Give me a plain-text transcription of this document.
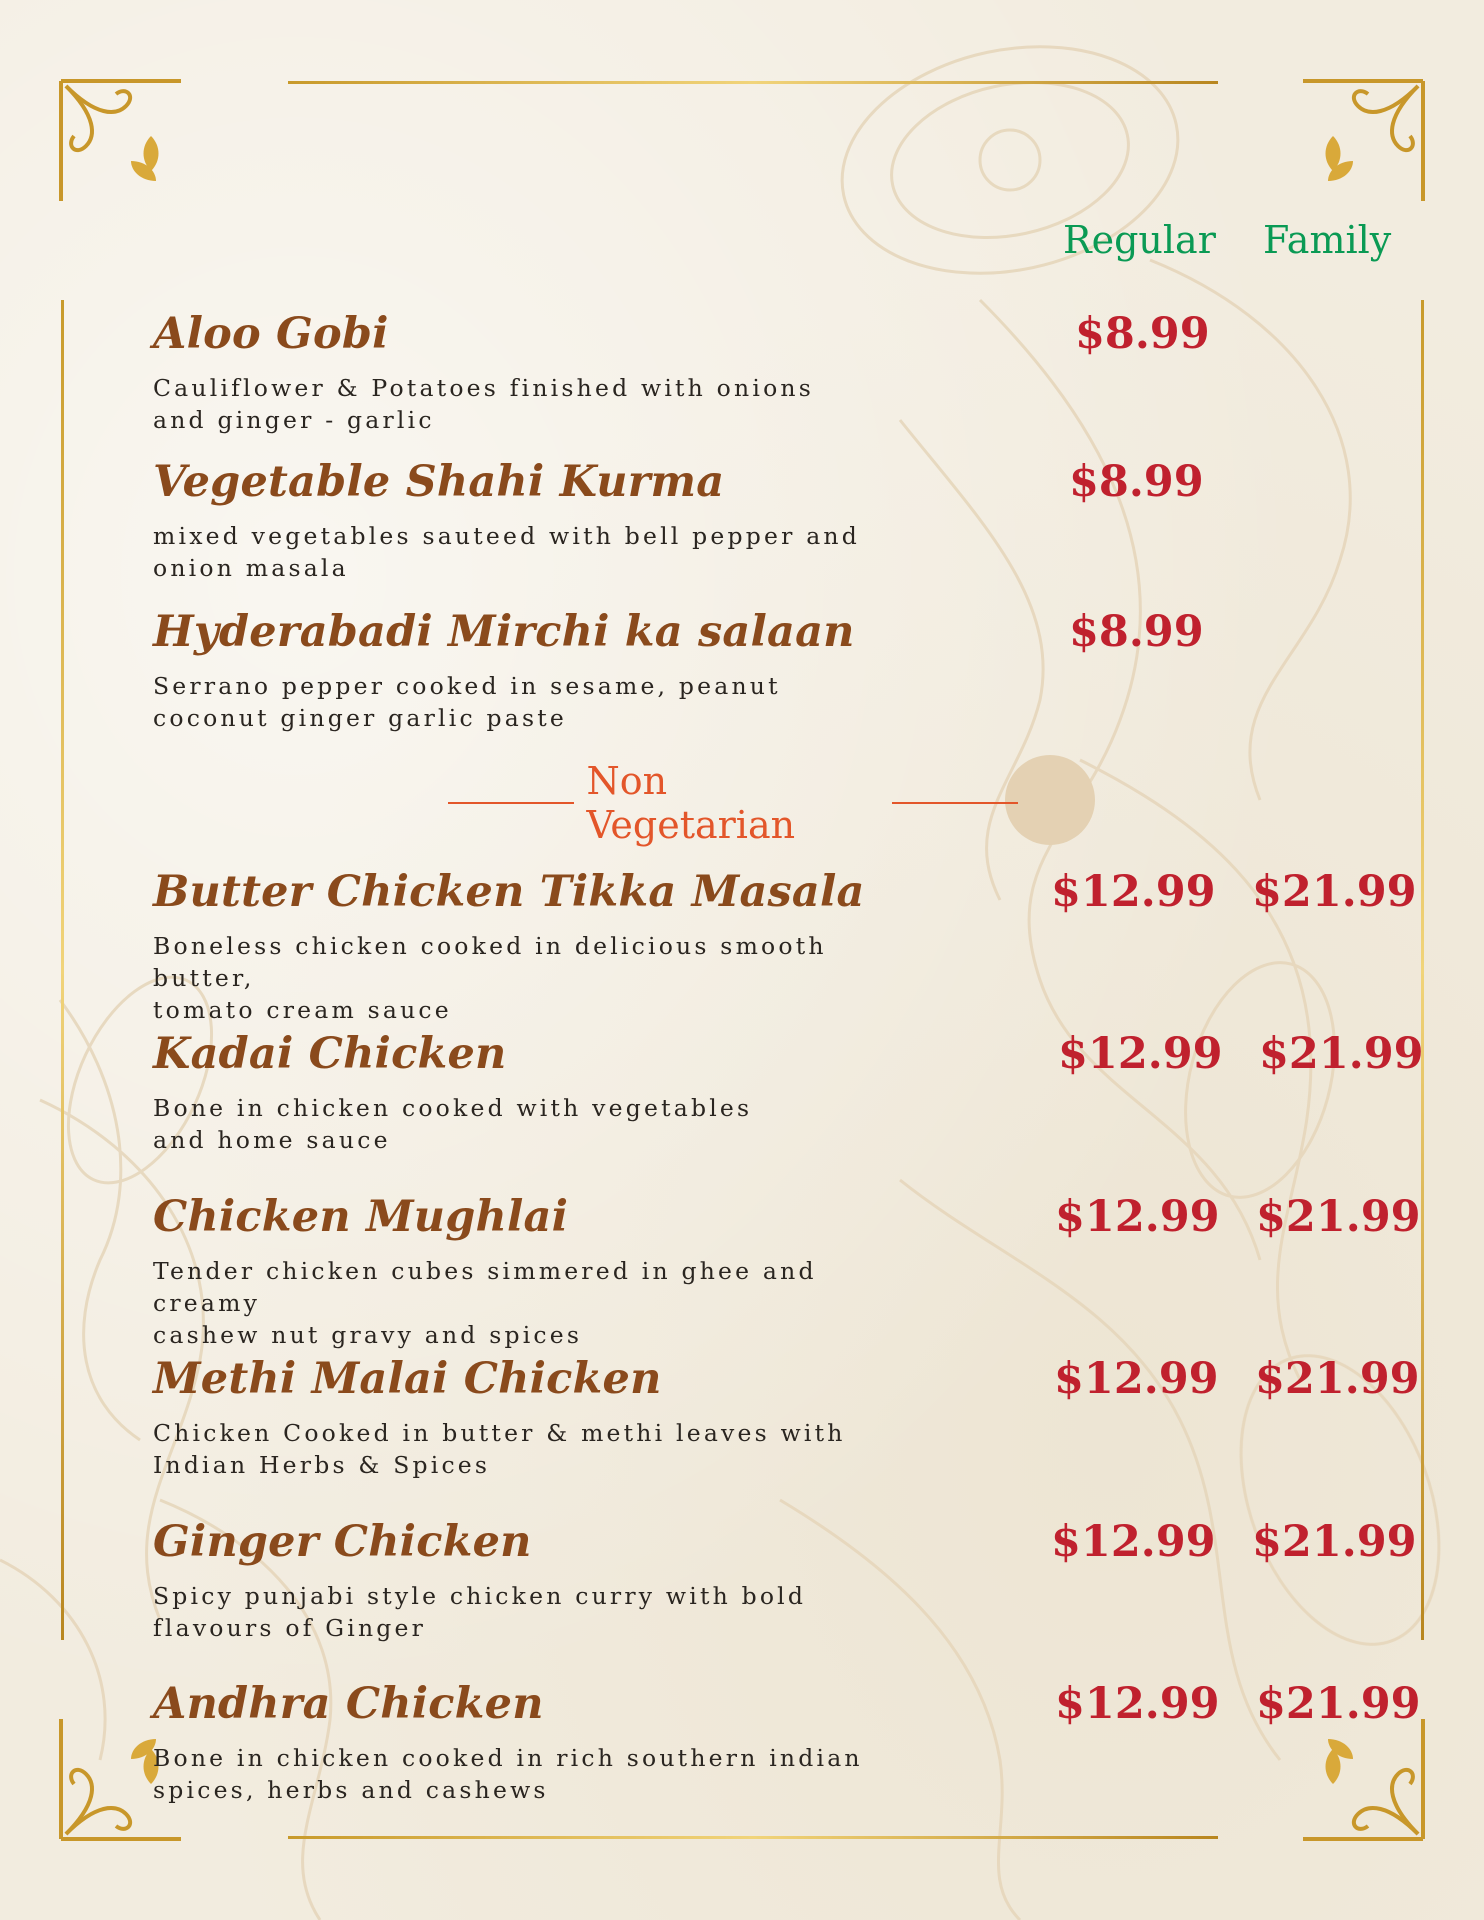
Regular Family
Aloo Gobi
Cauliflower & Potatoes finished with onions
and ginger - garlic
$8.99
Vegetable Shahi Kurma
mixed vegetables sauteed with bell pepper and
onion masala
$8.99
Hyderabadi Mirchi ka salaan
Serrano pepper cooked in sesame, peanut
coconut ginger garlic paste
$8.99
Non Vegetarian
Butter Chicken Tikka Masala
Boneless chicken cooked in delicious smooth butter,
tomato cream sauce
$12.99 $21.99
Kadai Chicken
Bone in chicken cooked with vegetables
and home sauce
$12.99 $21.99
Chicken Mughlai
Tender chicken cubes simmered in ghee and creamy
cashew nut gravy and spices
$12.99 $21.99
Methi Malai Chicken
Chicken Cooked in butter & methi leaves with
Indian Herbs & Spices
$12.99 $21.99
Ginger Chicken
Spicy punjabi style chicken curry with bold
flavours of Ginger
$12.99 $21.99
Andhra Chicken
Bone in chicken cooked in rich southern indian
spices, herbs and cashews
$12.99 $21.99
